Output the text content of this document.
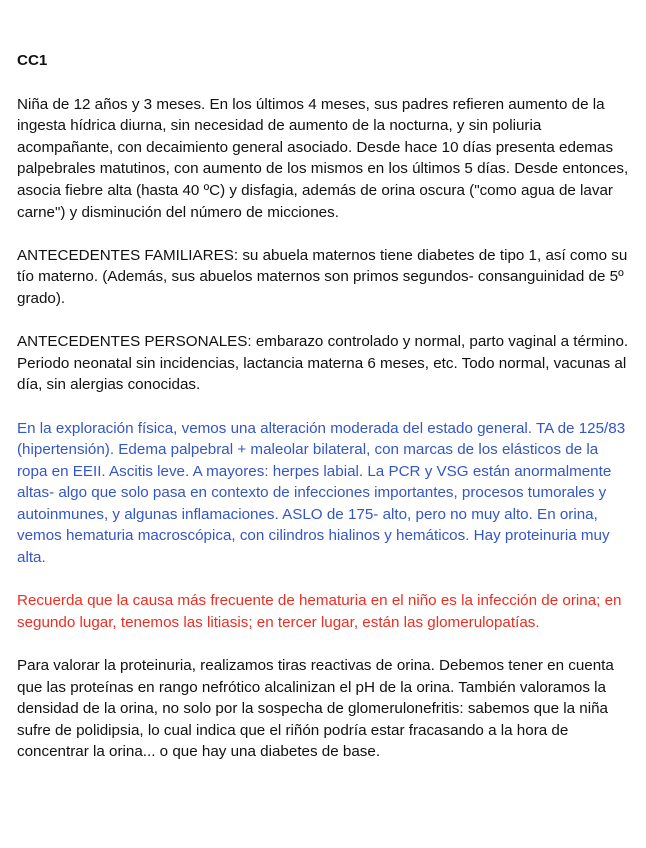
CC1

Niña de 12 años y 3 meses. En los últimos 4 meses, sus padres refieren aumento de la ingesta hídrica diurna, sin necesidad de aumento de la nocturna, y sin poliuria acompañante, con decaimiento general asociado. Desde hace 10 días presenta edemas palpebrales matutinos, con aumento de los mismos en los últimos 5 días. Desde entonces, asocia fiebre alta (hasta 40 ºC) y disfagia, además de orina oscura ("como agua de lavar carne") y disminución del número de micciones.

ANTECEDENTES FAMILIARES: su abuela maternos tiene diabetes de tipo 1, así como su tío materno. (Además, sus abuelos maternos son primos segundos- consanguinidad de 5º grado).

ANTECEDENTES PERSONALES: embarazo controlado y normal, parto vaginal a término. Periodo neonatal sin incidencias, lactancia materna 6 meses, etc. Todo normal, vacunas al día, sin alergias conocidas.

En la exploración física, vemos una alteración moderada del estado general. TA de 125/83 (hipertensión). Edema palpebral + maleolar bilateral, con marcas de los elásticos de la ropa en EEII. Ascitis leve. A mayores: herpes labial. La PCR y VSG están anormalmente altas- algo que solo pasa en contexto de infecciones importantes, procesos tumorales y autoinmunes, y algunas inflamaciones. ASLO de 175- alto, pero no muy alto. En orina, vemos hematuria macroscópica, con cilindros hialinos y hemáticos. Hay proteinuria muy alta.

Recuerda que la causa más frecuente de hematuria en el niño es la infección de orina; en segundo lugar, tenemos las litiasis; en tercer lugar, están las glomerulopatías.

Para valorar la proteinuria, realizamos tiras reactivas de orina. Debemos tener en cuenta que las proteínas en rango nefrótico alcalinizan el pH de la orina. También valoramos la densidad de la orina, no solo por la sospecha de glomerulonefritis: sabemos que la niña sufre de polidipsia, lo cual indica que el riñón podría estar fracasando a la hora de concentrar la orina... o que hay una diabetes de base.
